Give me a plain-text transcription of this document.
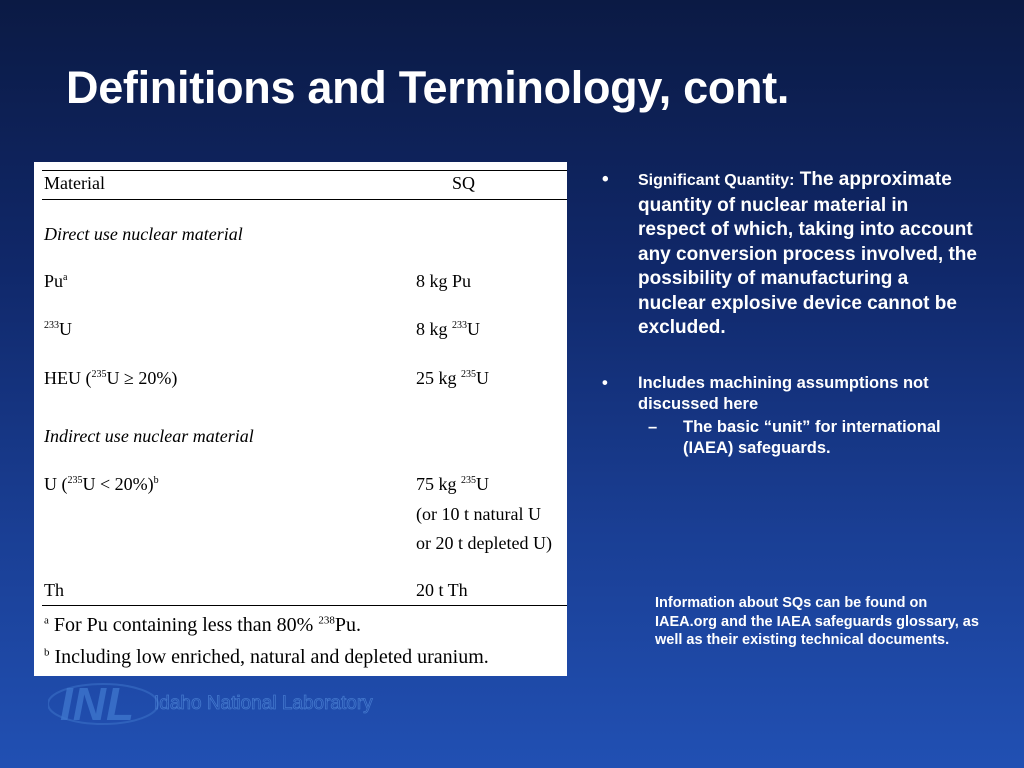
Definitions and Terminology, cont.
Material	SQ
Direct use nuclear material
Pu$^a$	8 kg Pu
$^{233}$U	8 kg $^{233}$U
HEU ($^{235}$U ≥ 20%)	25 kg $^{235}$U
Indirect use nuclear material
U ($^{235}$U < 20%)$^b$	75 kg $^{235}$U
(or 10 t natural U
or 20 t depleted U)
Th	20 t Th
$^a$ For Pu containing less than 80% $^{238}$Pu.
$^b$ Including low enriched, natural and depleted uranium.
• Significant Quantity: The approximate quantity of nuclear material in respect of which, taking into account any conversion process involved, the possibility of manufacturing a nuclear explosive device cannot be excluded.
• Includes machining assumptions not discussed here
– The basic “unit” for international (IAEA) safeguards.
Information about SQs can be found on IAEA.org and the IAEA safeguards glossary, as well as their existing technical documents.
INL Idaho National Laboratory
